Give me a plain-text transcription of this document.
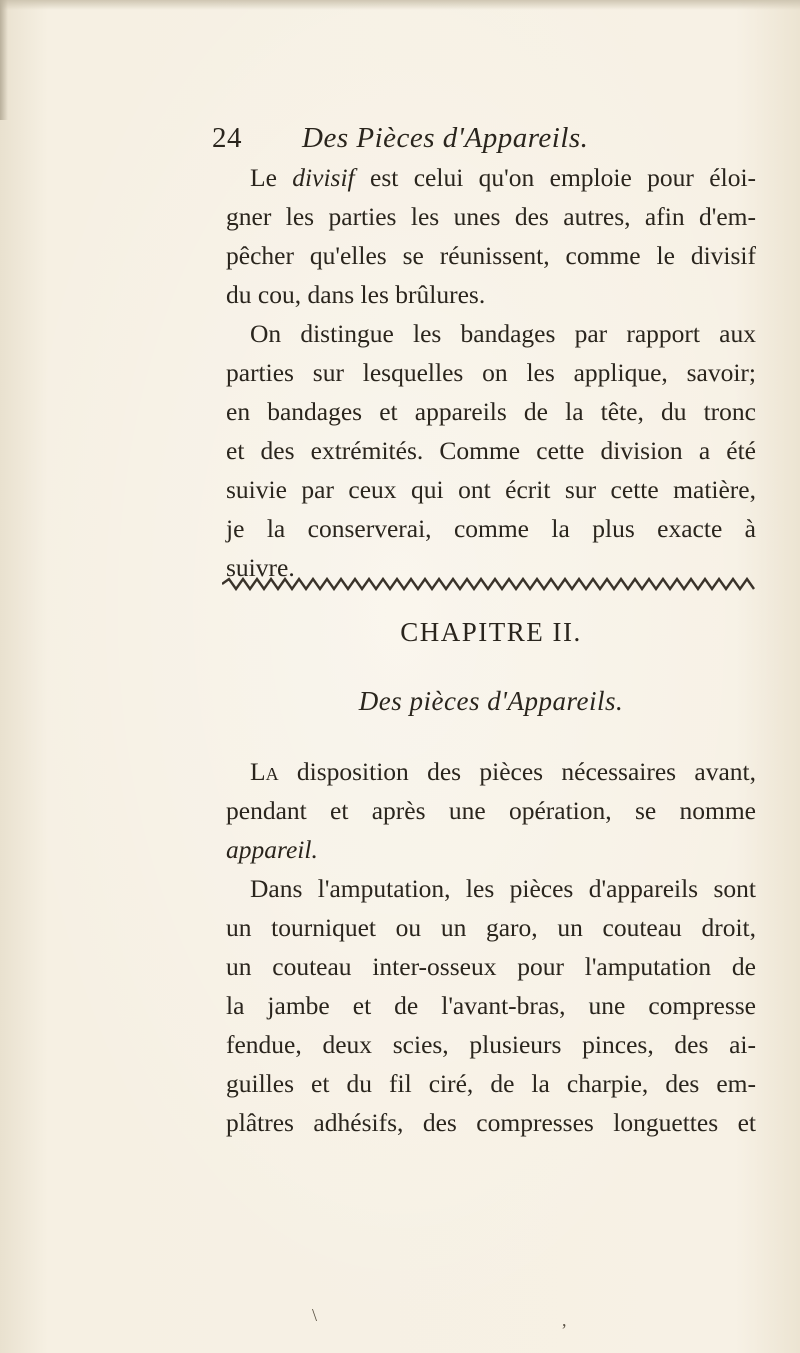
24 Des Pièces d'Appareils.
Le divisif est celui qu'on emploie pour éloi-
gner les parties les unes des autres, afin d'em-
pêcher qu'elles se réunissent, comme le divisif
du cou, dans les brûlures.
On distingue les bandages par rapport aux
parties sur lesquelles on les applique, savoir;
en bandages et appareils de la tête, du tronc
et des extrémités. Comme cette division a été
suivie par ceux qui ont écrit sur cette matière,
je la conserverai, comme la plus exacte à
suivre.
CHAPITRE II.
Des pièces d'Appareils.
La disposition des pièces nécessaires avant,
pendant et après une opération, se nomme
appareil.
Dans l'amputation, les pièces d'appareils sont
un tourniquet ou un garo, un couteau droit,
un couteau inter-osseux pour l'amputation de
la jambe et de l'avant-bras, une compresse
fendue, deux scies, plusieurs pinces, des ai-
guilles et du fil ciré, de la charpie, des em-
plâtres adhésifs, des compresses longuettes et
\	,
